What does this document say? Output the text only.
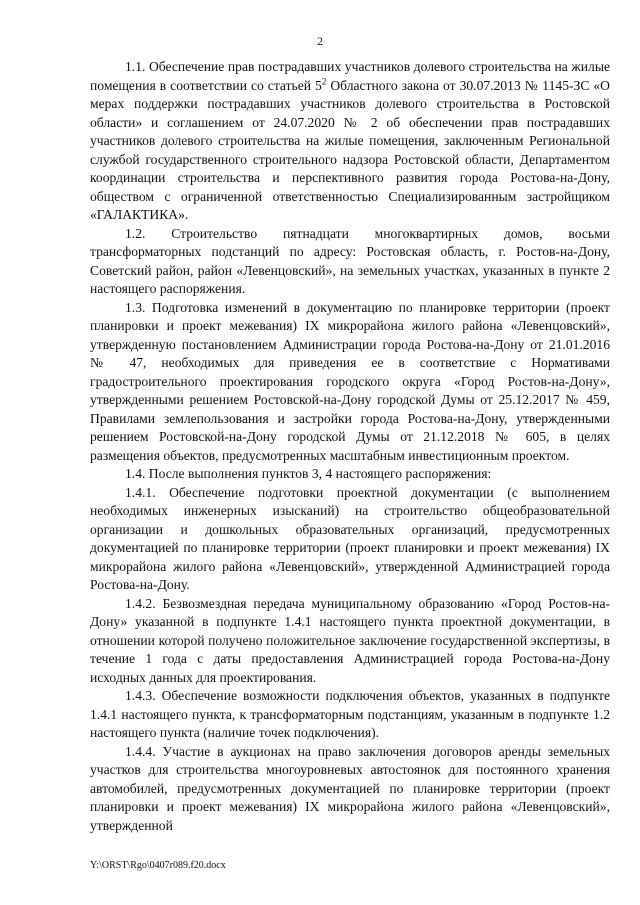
2

1.1. Обеспечение прав пострадавших участников долевого строительства на жилые помещения в соответствии со статьей $5^2$ Областного закона от 30.07.2013 № 1145-ЗС «О мерах поддержки пострадавших участников долевого строительства в Ростовской области» и соглашением от 24.07.2020 № 2 об обеспечении прав пострадавших участников долевого строительства на жилые помещения, заключенным Региональной службой государственного строительного надзора Ростовской области, Департаментом координации строительства и перспективного развития города Ростова-на-Дону, обществом с ограниченной ответственностью Специализированным застройщиком «ГАЛАКТИКА».

1.2. Строительство пятнадцати многоквартирных домов, восьми трансформаторных подстанций по адресу: Ростовская область, г. Ростов-на-Дону, Советский район, район «Левенцовский», на земельных участках, указанных в пункте 2 настоящего распоряжения.

1.3. Подготовка изменений в документацию по планировке территории (проект планировки и проект межевания) IX микрорайона жилого района «Левенцовский», утвержденную постановлением Администрации города Ростова-на-Дону от 21.01.2016 № 47, необходимых для приведения ее в соответствие с Нормативами градостроительного проектирования городского округа «Город Ростов-на-Дону», утвержденными решением Ростовской-на-Дону городской Думы от 25.12.2017 № 459, Правилами землепользования и застройки города Ростова-на-Дону, утвержденными решением Ростовской-на-Дону городской Думы от 21.12.2018 № 605, в целях размещения объектов, предусмотренных масштабным инвестиционным проектом.

1.4. После выполнения пунктов 3, 4 настоящего распоряжения:

1.4.1. Обеспечение подготовки проектной документации (с выполнением необходимых инженерных изысканий) на строительство общеобразовательной организации и дошкольных образовательных организаций, предусмотренных документацией по планировке территории (проект планировки и проект межевания) IX микрорайона жилого района «Левенцовский», утвержденной Администрацией города Ростова-на-Дону.

1.4.2. Безвозмездная передача муниципальному образованию «Город Ростов-на-Дону» указанной в подпункте 1.4.1 настоящего пункта проектной документации, в отношении которой получено положительное заключение государственной экспертизы, в течение 1 года с даты предоставления Администрацией города Ростова-на-Дону исходных данных для проектирования.

1.4.3. Обеспечение возможности подключения объектов, указанных в подпункте 1.4.1 настоящего пункта, к трансформаторным подстанциям, указанным в подпункте 1.2 настоящего пункта (наличие точек подключения).

1.4.4. Участие в аукционах на право заключения договоров аренды земельных участков для строительства многоуровневых автостоянок для постоянного хранения автомобилей, предусмотренных документацией по планировке территории (проект планировки и проект межевания) IX микрорайона жилого района «Левенцовский», утвержденной

Y:\ORST\Rgo\0407r089.f20.docx
